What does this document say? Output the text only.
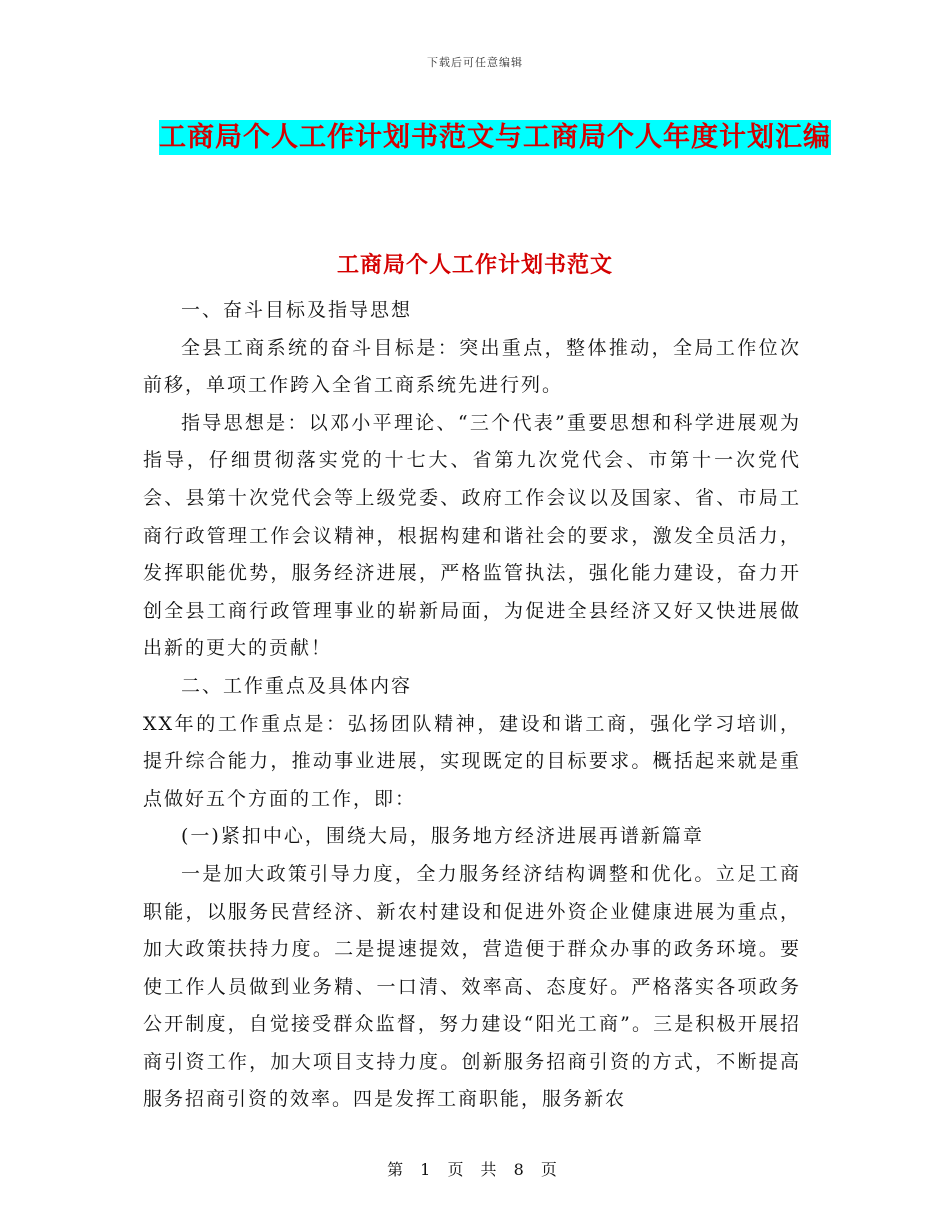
下载后可任意编辑
工商局个人工作计划书范文与工商局个人年度计划汇编
工商局个人工作计划书范文

一、奋斗目标及指导思想

全县工商系统的奋斗目标是：突出重点，整体推动，全局工作位次前移，单项工作跨入全省工商系统先进行列。

指导思想是：以邓小平理论、“三个代表”重要思想和科学进展观为指导，仔细贯彻落实党的十七大、省第九次党代会、市第十一次党代会、县第十次党代会等上级党委、政府工作会议以及国家、省、市局工商行政管理工作会议精神，根据构建和谐社会的要求，激发全员活力，发挥职能优势，服务经济进展，严格监管执法，强化能力建设，奋力开创全县工商行政管理事业的崭新局面，为促进全县经济又好又快进展做出新的更大的贡献！

二、工作重点及具体内容

XX年的工作重点是：弘扬团队精神，建设和谐工商，强化学习培训，提升综合能力，推动事业进展，实现既定的目标要求。概括起来就是重点做好五个方面的工作，即：

(一)紧扣中心，围绕大局，服务地方经济进展再谱新篇章

一是加大政策引导力度，全力服务经济结构调整和优化。立足工商职能，以服务民营经济、新农村建设和促进外资企业健康进展为重点，加大政策扶持力度。二是提速提效，营造便于群众办事的政务环境。要使工作人员做到业务精、一口清、效率高、态度好。严格落实各项政务公开制度，自觉接受群众监督，努力建设“阳光工商”。三是积极开展招商引资工作，加大项目支持力度。创新服务招商引资的方式，不断提高服务招商引资的效率。四是发挥工商职能，服务新农

第 1 页 共 8 页
